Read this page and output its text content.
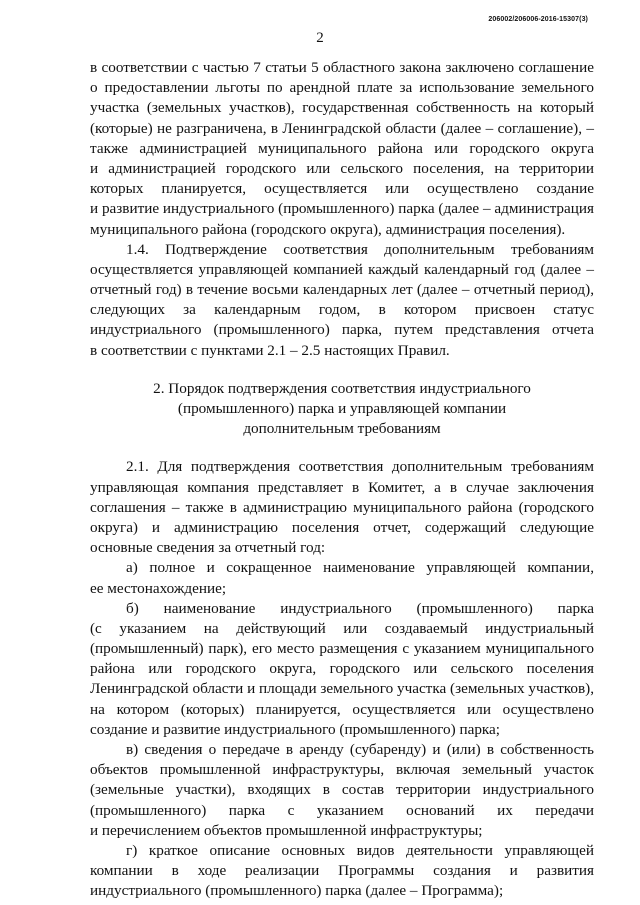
206002/206006-2016-15307(3)
2
в соответствии с частью 7 статьи 5 областного закона заключено соглашение
о предоставлении льготы по арендной плате за использование земельного
участка (земельных участков), государственная собственность на который
(которые) не разграничена, в Ленинградской области (далее – соглашение), –
также администрацией муниципального района или городского округа
и администрацией городского или сельского поселения, на территории
которых планируется, осуществляется или осуществлено создание
и развитие индустриального (промышленного) парка (далее – администрация
муниципального района (городского округа), администрация поселения).
1.4. Подтверждение соответствия дополнительным требованиям
осуществляется управляющей компанией каждый календарный год (далее –
отчетный год) в течение восьми календарных лет (далее – отчетный период),
следующих за календарным годом, в котором присвоен статус
индустриального (промышленного) парка, путем представления отчета
в соответствии с пунктами 2.1 – 2.5 настоящих Правил.
2. Порядок подтверждения соответствия индустриального
(промышленного) парка и управляющей компании
дополнительным требованиям
2.1. Для подтверждения соответствия дополнительным требованиям
управляющая компания представляет в Комитет, а в случае заключения
соглашения – также в администрацию муниципального района (городского
округа) и администрацию поселения отчет, содержащий следующие
основные сведения за отчетный год:
а) полное и сокращенное наименование управляющей компании,
ее местонахождение;
б) наименование индустриального (промышленного) парка
(с указанием на действующий или создаваемый индустриальный
(промышленный) парк), его место размещения с указанием муниципального
района или городского округа, городского или сельского поселения
Ленинградской области и площади земельного участка (земельных участков),
на котором (которых) планируется, осуществляется или осуществлено
создание и развитие индустриального (промышленного) парка;
в) сведения о передаче в аренду (субаренду) и (или) в собственность
объектов промышленной инфраструктуры, включая земельный участок
(земельные участки), входящих в состав территории индустриального
(промышленного) парка с указанием оснований их передачи
и перечислением объектов промышленной инфраструктуры;
г) краткое описание основных видов деятельности управляющей
компании в ходе реализации Программы создания и развития
индустриального (промышленного) парка (далее – Программа);
